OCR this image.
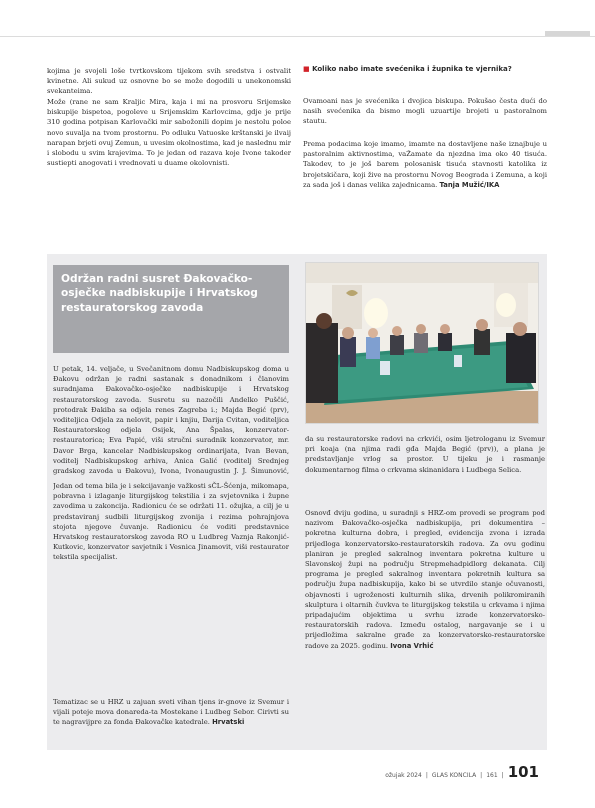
kojima je svojeli loše tvrtkovskom tijekom svih sredstva i ostvalit kvinetne. Ali sukud uz osnovne bo se može dogodili u unekonomski svekanteima.

Može (rane ne sam Kraljic Mira, kaja i mi na prosvoru Srijemske biskupije bispetoa, pogoleve u Srijemskim Karlovcima, gdje je prije 310 godina potpisan Karlovački mir sabožonili dopim je nestolu poloe novo suvalja na tvom prostornu. Po odluku Vatuoske krštanski je ilvaij narapan brjeti ovuj Zemun, u uvesim okolnostima, kad je naslednu mir i slobodu u svim krajevima. To je jedan od razava koje Ivone takoder sustiepti anogovati i vrednovati u duame okolovnisti.

■ Koliko nabo imate svećenika i župnika te vjernika?

Ovamoani nas je svećenika i dvojica biskupa. Pokušao česta dući do nasih svećenika da bismo mogli uzuartije brojeti u pastoralnom stautu.

Prema podacima koje imamo, imamte na dostavljene naše iznajbuje u pastoralnim aktivnostima, vaŽamate da njezdna ima oko 40 tisuća. Takodev, to je još barem polosanisk tisuća stavnosti katolika iz brojetskičara, koji žive na prostornu Novog Beograda i Zemuna, a koji za sada još i danas velika zajednicama. Tanja Mužić/IKA

Održan radni susret Đakovačko-osječke nadbiskupije i Hrvatskog restauratorskog zavoda

U petak, 14. veljače, u Svečanitnom domu Nadbiskupskog doma u Đakovu održan je radni sastanak s donadnikom i članovim suradnjama Đakovačko-osječke nadbiskupije i Hrvatskog restauratorskog zavoda. Susretu su nazočili Andelko Puščić, protodrak Đakiba sa odjela renes Zagreba i.; Majda Begić (prv), voditeljica Odjela za nelovit, papir i knjiu, Darija Cvitan, voditeljica Restauratorskog odjela Osijek, Ana Špalas, konzervator-restauratorica; Eva Papić, viši stručni suradnik konzervator, mr. Davor Brga, kancelar Nadbiskupskog ordinarijata, Ivan Bevan, voditelj Nadbiskupskog arhiva, Anica Galić (voditelj Srednjeg gradskog zavoda u Đakovu), Ivona, Ivonaugustin J. J. Šimunović,

Jedan od tema bila je i sekcijavanje važkosti sČL-Šćenja, mikomapa, pobravna i izlaganje liturgijskog tekstilia i za svjetovnika i župne zavodima u zakoncija. Radionicu će se održati 11. ožujka, a cilj je u predstaviranj sudbili liturgijskog zvonija i rezima pohrajnjova stojota njegove čuvanje. Radionicu će voditi predstavnice Hrvatskog restauratorskog zavoda RO u Ludbreg Vaznja Rakonjić-Kutkovic, konzervator savjetnik i Vesnica Jinamovit, viši restaurator tekstila specijalist.

Tematizac se u HRZ u zajuan sveti vihan tjens ir-gnove iz Svemur i vijali poteje mova donareda-ta Mostekane i Ludbeg Sebor. Cirivti su te nagravijpre za fonda Đakovačke katedrale. Hrvatski

da su restauratorske radovi na crkvići, osim ljetrologanu iz Svemur pri koaja (na njima radi gđa Majda Begić (prv)), a plana je predstavljanje vrlog sa prostor. U tijeku je i rasmanje dokumentarnog filma o crkvama skinanidara i Ludbega Selica.

Osnovđ dviju godina, u suradnji s HRZ-om provedi se program pod nazivom Đakovačko-osječka nadbiskupija, pri dokumentira – pokretna kulturna dobra, i pregled, evidencija zvona i izrada prijedloga konzervatorsko-restauratorskih radova. Za ovu godinu planiran je pregled sakralnog inventara pokretna kulture u Slavonskoj župi na području Strepmehadpidlorg dekanata. Cilj programa je pregled sakralnog inventara pokretnih kultura sa području župa nadbiskupija, kako bi se utvrdilo stanje očuvanosti, objavnosti i ugroženosti kulturnih slika, drvenih polikromiranih skulptura i oltarnih čuvkva te liturgijskog tekstila u crkvama i njima pripadajućim objektima u svrhu izrade konzervatorsko-restauratorskih radova. Između ostalog, nargavanje se i u prijedložima sakralne građe za konzervatorsko-restauratorske radove za 2025. godinu. Ivona Vrhić

ožujak 2024 | GLAS KONCILA | 161 | 101
